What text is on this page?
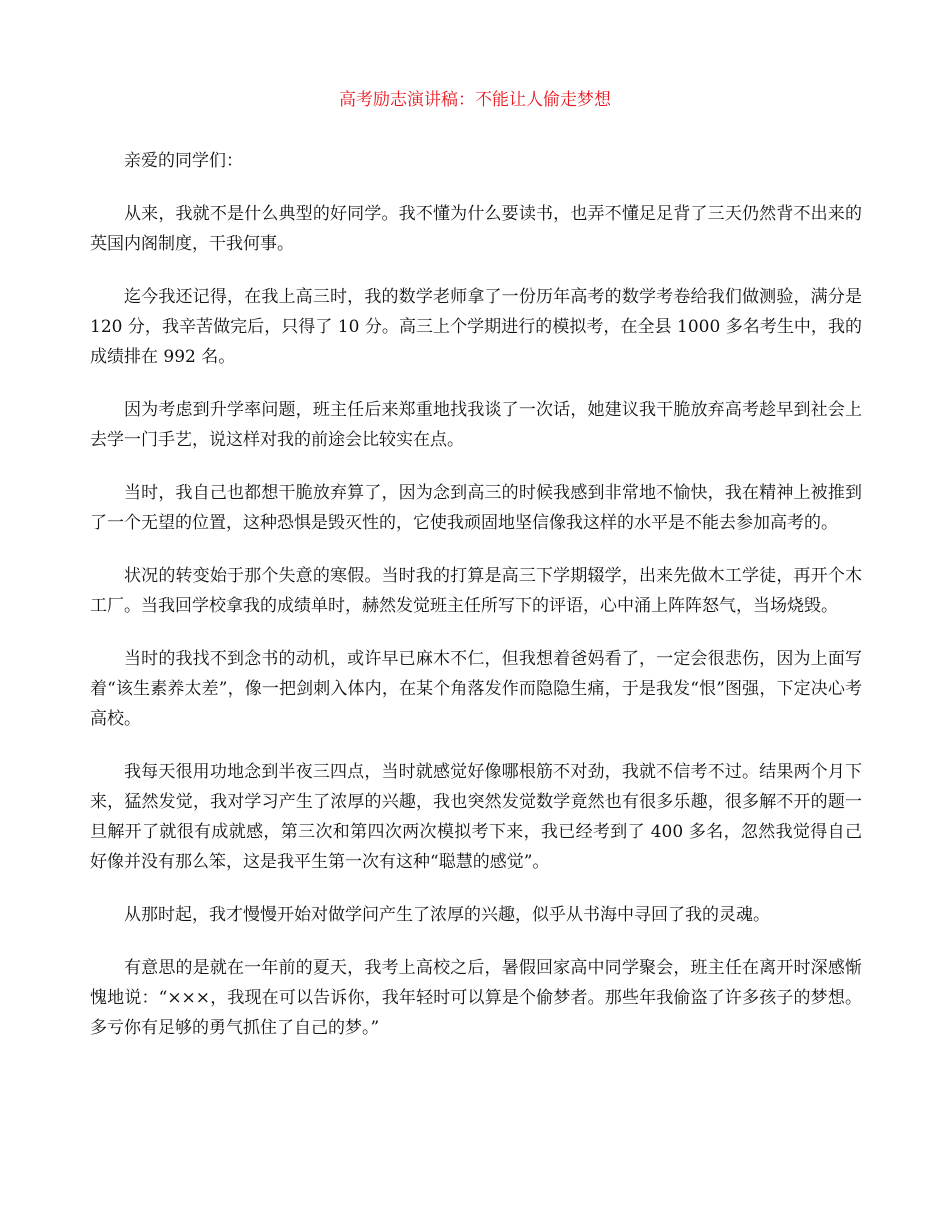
高考励志演讲稿：不能让人偷走梦想

亲爱的同学们：

从来，我就不是什么典型的好同学。我不懂为什么要读书，也弄不懂足足背了三天仍然背不出来的英国内阁制度，干我何事。

迄今我还记得，在我上高三时，我的数学老师拿了一份历年高考的数学考卷给我们做测验，满分是 120 分，我辛苦做完后，只得了 10 分。高三上个学期进行的模拟考，在全县 1000 多名考生中，我的成绩排在 992 名。

因为考虑到升学率问题，班主任后来郑重地找我谈了一次话，她建议我干脆放弃高考趁早到社会上去学一门手艺，说这样对我的前途会比较实在点。

当时，我自己也都想干脆放弃算了，因为念到高三的时候我感到非常地不愉快，我在精神上被推到了一个无望的位置，这种恐惧是毁灭性的，它使我顽固地坚信像我这样的水平是不能去参加高考的。

状况的转变始于那个失意的寒假。当时我的打算是高三下学期辍学，出来先做木工学徒，再开个木工厂。当我回学校拿我的成绩单时，赫然发觉班主任所写下的评语，心中涌上阵阵怒气，当场烧毁。

当时的我找不到念书的动机，或许早已麻木不仁，但我想着爸妈看了，一定会很悲伤，因为上面写着“该生素养太差”，像一把剑刺入体内，在某个角落发作而隐隐生痛，于是我发“恨”图强，下定决心考高校。

我每天很用功地念到半夜三四点，当时就感觉好像哪根筋不对劲，我就不信考不过。结果两个月下来，猛然发觉，我对学习产生了浓厚的兴趣，我也突然发觉数学竟然也有很多乐趣，很多解不开的题一旦解开了就很有成就感，第三次和第四次两次模拟考下来，我已经考到了 400 多名，忽然我觉得自己好像并没有那么笨，这是我平生第一次有这种“聪慧的感觉”。

从那时起，我才慢慢开始对做学问产生了浓厚的兴趣，似乎从书海中寻回了我的灵魂。

有意思的是就在一年前的夏天，我考上高校之后，暑假回家高中同学聚会，班主任在离开时深感惭愧地说：“×××，我现在可以告诉你，我年轻时可以算是个偷梦者。那些年我偷盗了许多孩子的梦想。多亏你有足够的勇气抓住了自己的梦。”
